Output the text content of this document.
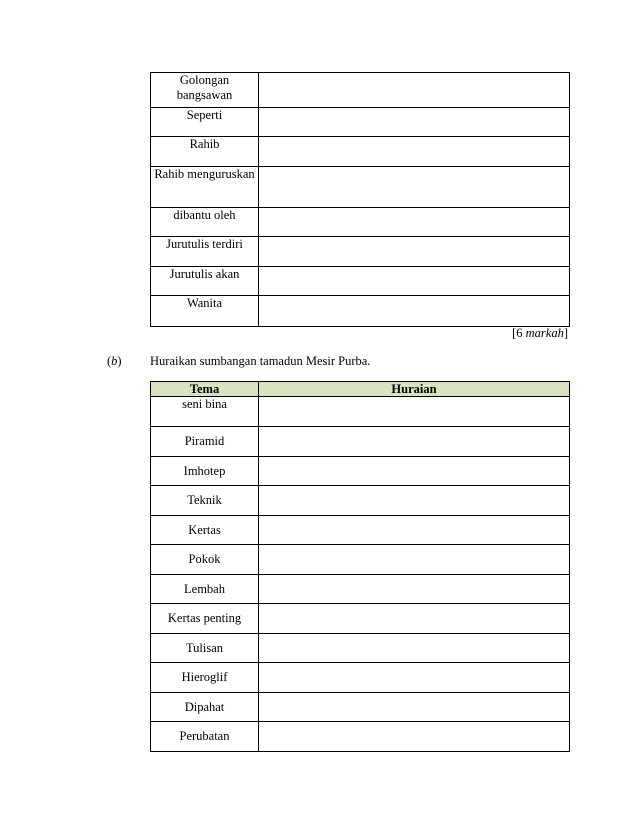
Golongan bangsawan	
Seperti	
Rahib	
Rahib menguruskan	
dibantu oleh	
Jurutulis terdiri	
Jurutulis akan	
Wanita	
[6 markah]
(b) Huraikan sumbangan tamadun Mesir Purba.
Tema	Huraian
seni bina	
Piramid	
Imhotep	
Teknik	
Kertas	
Pokok	
Lembah	
Kertas penting	
Tulisan	
Hieroglif	
Dipahat	
Perubatan	
